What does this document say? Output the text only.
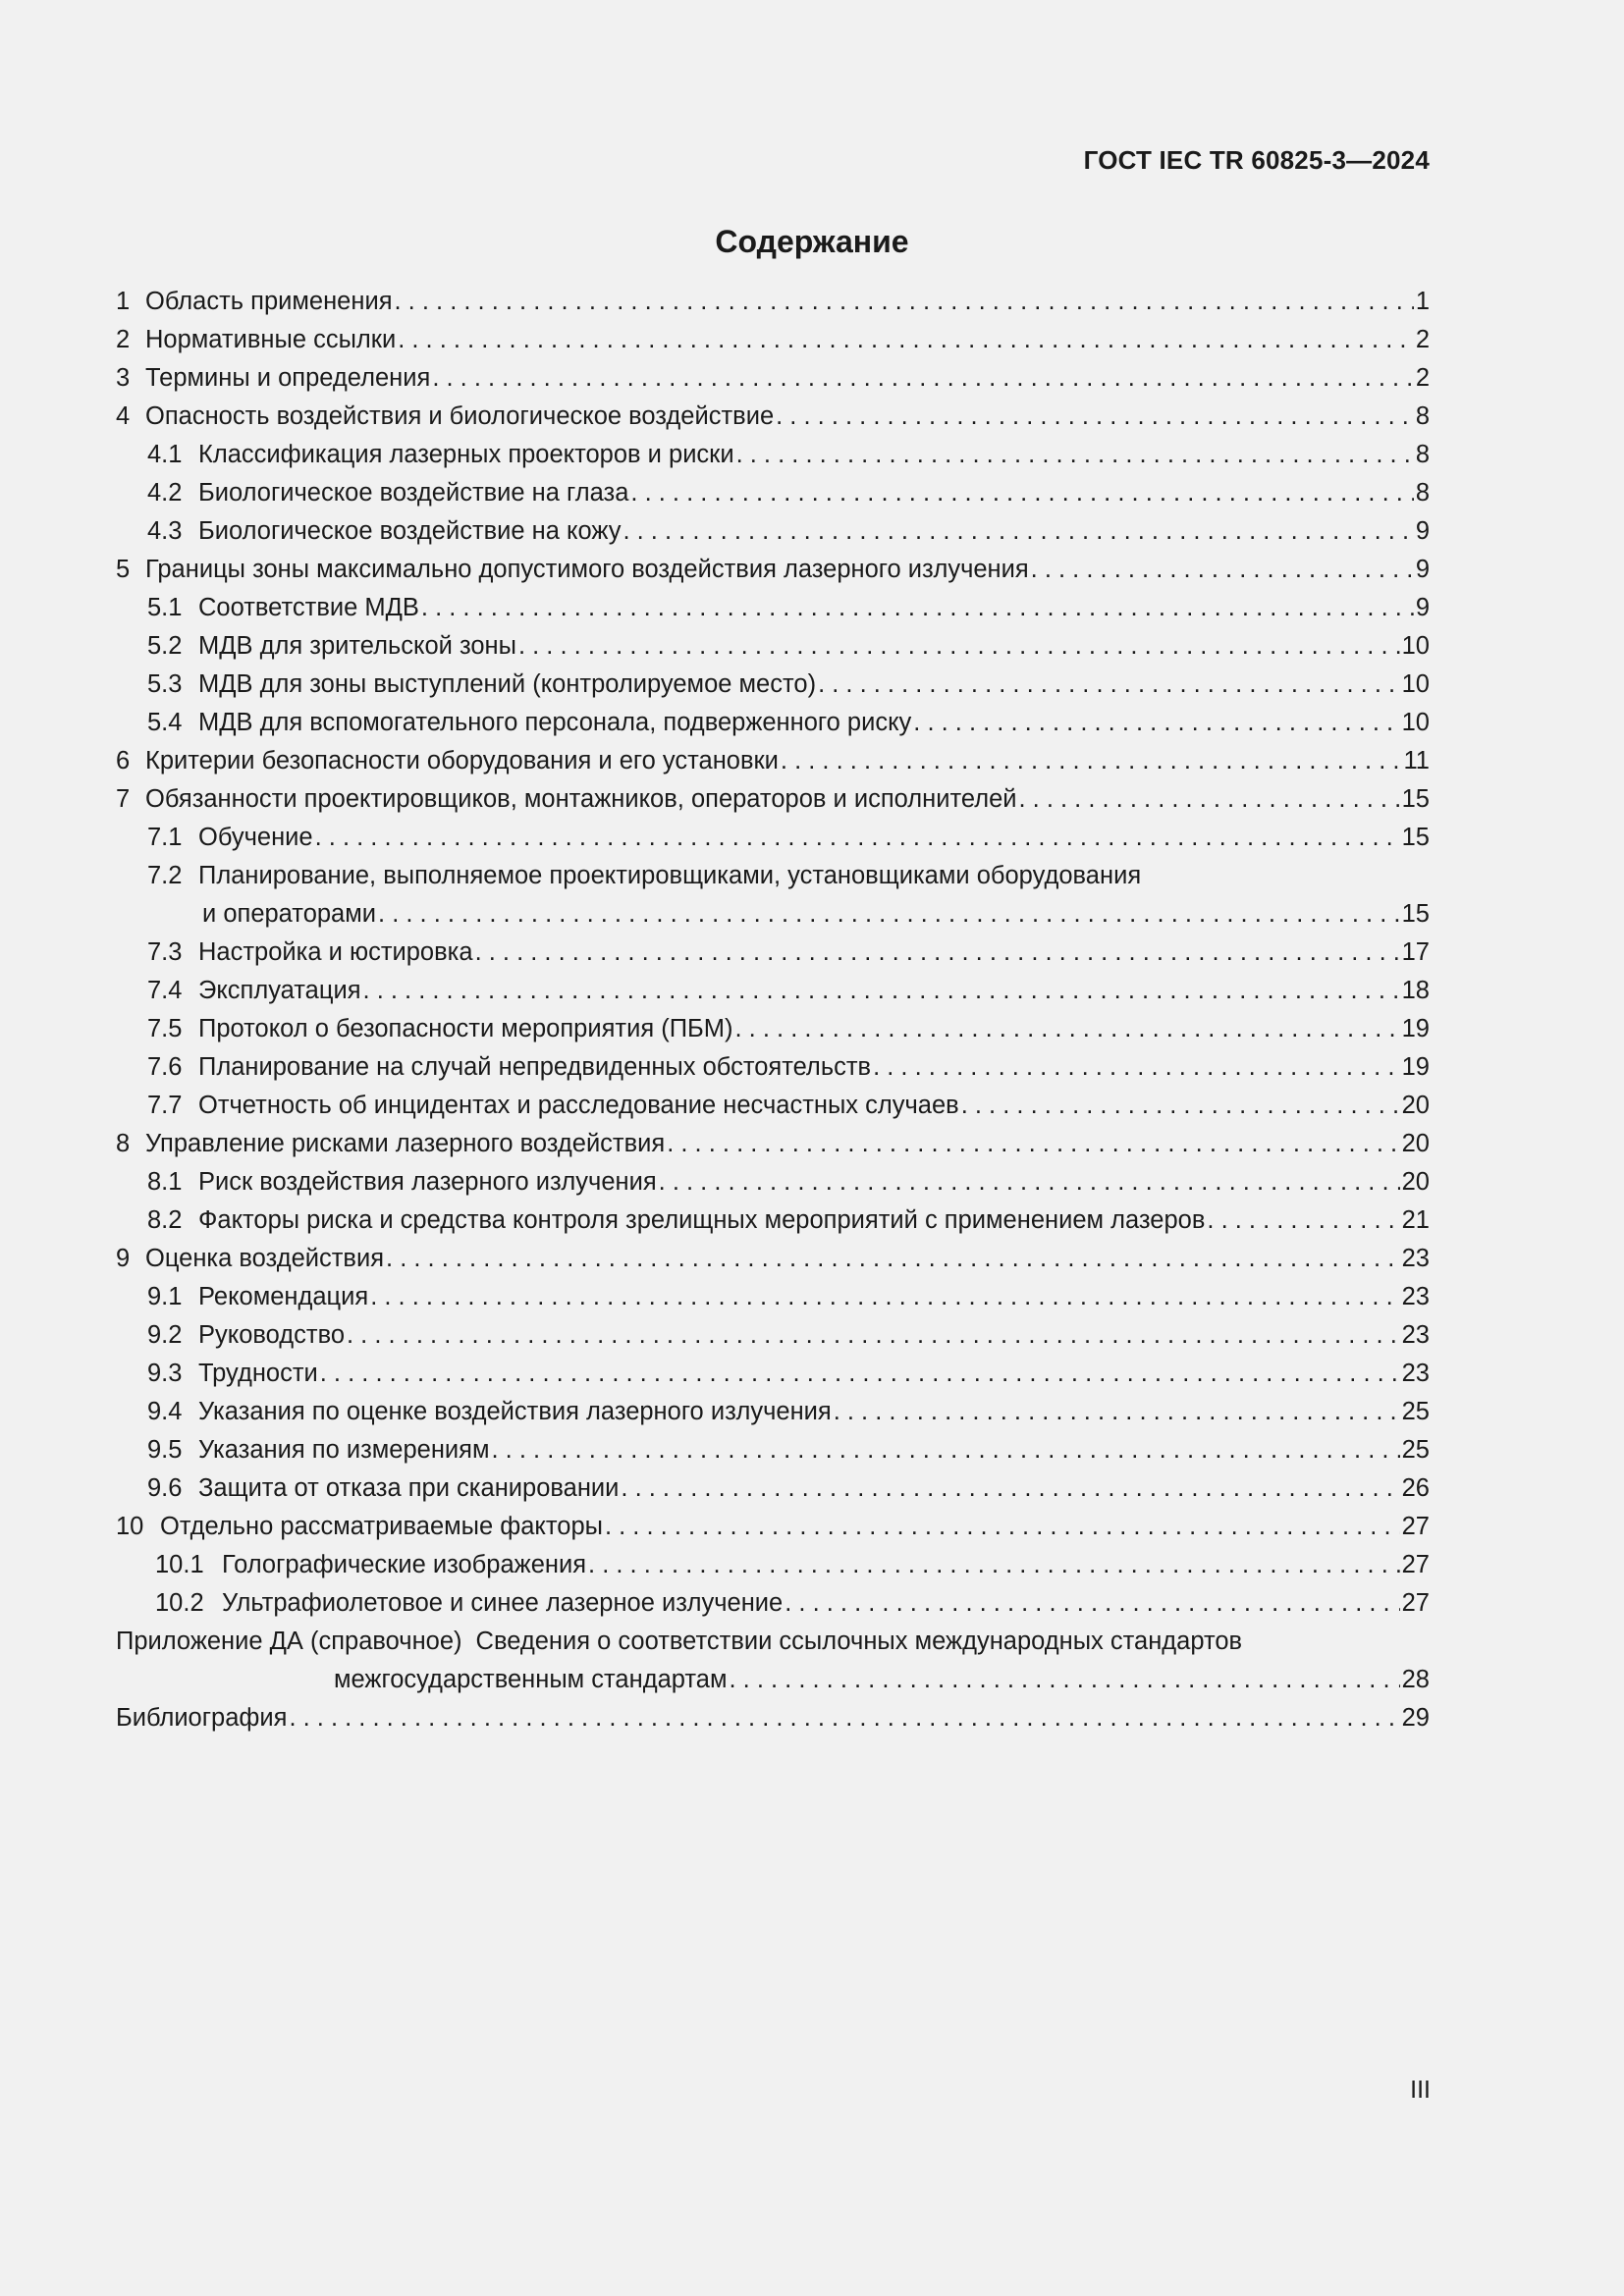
ГОСТ IEC TR 60825-3—2024
Содержание
1 Область применения . . .	1
2 Нормативные ссылки . . .	2
3 Термины и определения . . .	2
4 Опасность воздействия и биологическое воздействие . . .	8
4.1 Классификация лазерных проекторов и риски . . .	8
4.2 Биологическое воздействие на глаза . . .	8
4.3 Биологическое воздействие на кожу . . .	9
5 Границы зоны максимально допустимого воздействия лазерного излучения . . .	9
5.1 Соответствие МДВ . . .	9
5.2 МДВ для зрительской зоны . . .	10
5.3 МДВ для зоны выступлений (контролируемое место) . . .	10
5.4 МДВ для вспомогательного персонала, подверженного риску . . .	10
6 Критерии безопасности оборудования и его установки . . .	11
7 Обязанности проектировщиков, монтажников, операторов и исполнителей . . .	15
7.1 Обучение . . .	15
7.2 Планирование, выполняемое проектировщиками, установщиками оборудования
и операторами . . .	15
7.3 Настройка и юстировка . . .	17
7.4 Эксплуатация . . .	18
7.5 Протокол о безопасности мероприятия (ПБМ) . . .	19
7.6 Планирование на случай непредвиденных обстоятельств . . .	19
7.7 Отчетность об инцидентах и расследование несчастных случаев . . .	20
8 Управление рисками лазерного воздействия . . .	20
8.1 Риск воздействия лазерного излучения . . .	20
8.2 Факторы риска и средства контроля зрелищных мероприятий с применением лазеров . . .	21
9 Оценка воздействия . . .	23
9.1 Рекомендация . . .	23
9.2 Руководство . . .	23
9.3 Трудности . . .	23
9.4 Указания по оценке воздействия лазерного излучения . . .	25
9.5 Указания по измерениям . . .	25
9.6 Защита от отказа при сканировании . . .	26
10 Отдельно рассматриваемые факторы . . .	27
10.1 Голографические изображения . . .	27
10.2 Ультрафиолетовое и синее лазерное излучение . . .	27
Приложение ДА (справочное) Сведения о соответствии ссылочных международных стандартов
межгосударственным стандартам . . .	28
Библиография . . .	29
III
